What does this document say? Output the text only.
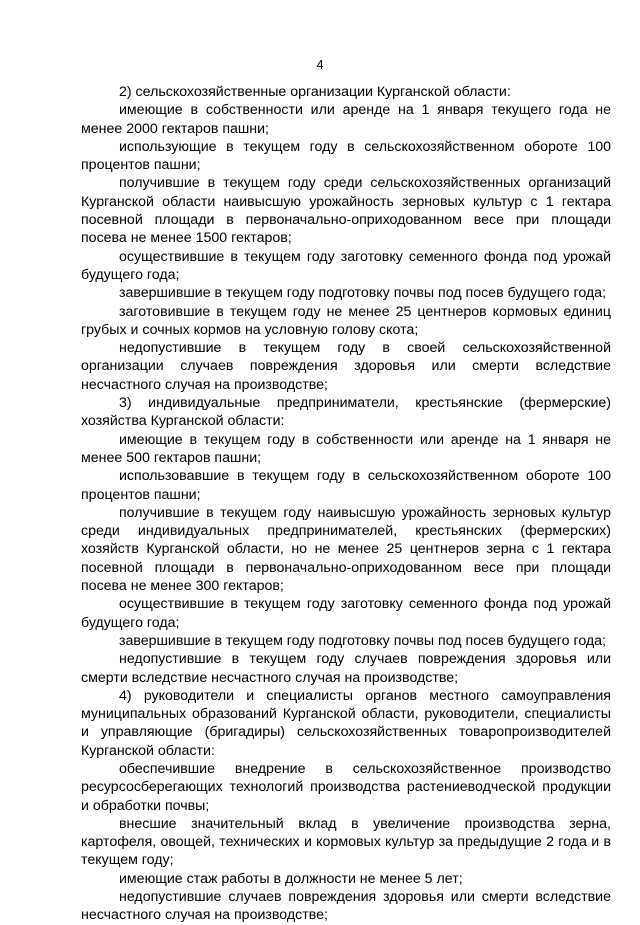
4

2) сельскохозяйственные организации Курганской области:

имеющие в собственности или аренде на 1 января текущего года не менее 2000 гектаров пашни;

использующие в текущем году в сельскохозяйственном обороте 100 процентов пашни;

получившие в текущем году среди сельскохозяйственных организаций Курганской области наивысшую урожайность зерновых культур с 1 гектара посевной площади в первоначально-оприходованном весе при площади посева не менее 1500 гектаров;

осуществившие в текущем году заготовку семенного фонда под урожай будущего года;

завершившие в текущем году подготовку почвы под посев будущего года;

заготовившие в текущем году не менее 25 центнеров кормовых единиц грубых и сочных кормов на условную голову скота;

недопустившие в текущем году в своей сельскохозяйственной организации случаев повреждения здоровья или смерти вследствие несчастного случая на производстве;

3) индивидуальные предприниматели, крестьянские (фермерские) хозяйства Курганской области:

имеющие в текущем году в собственности или аренде на 1 января не менее 500 гектаров пашни;

использовавшие в текущем году в сельскохозяйственном обороте 100 процентов пашни;

получившие в текущем году наивысшую урожайность зерновых культур среди индивидуальных предпринимателей, крестьянских (фермерских) хозяйств Курганской области, но не менее 25 центнеров зерна с 1 гектара посевной площади в первоначально-оприходованном весе при площади посева не менее 300 гектаров;

осуществившие в текущем году заготовку семенного фонда под урожай будущего года;

завершившие в текущем году подготовку почвы под посев будущего года;

недопустившие в текущем году случаев повреждения здоровья или смерти вследствие несчастного случая на производстве;

4) руководители и специалисты органов местного самоуправления муниципальных образований Курганской области, руководители, специалисты и управляющие (бригадиры) сельскохозяйственных товаропроизводителей Курганской области:

обеспечившие внедрение в сельскохозяйственное производство ресурсосберегающих технологий производства растениеводческой продукции и обработки почвы;

внесшие значительный вклад в увеличение производства зерна, картофеля, овощей, технических и кормовых культур за предыдущие 2 года и в текущем году;

имеющие стаж работы в должности не менее 5 лет;

недопустившие случаев повреждения здоровья или смерти вследствие несчастного случая на производстве;
